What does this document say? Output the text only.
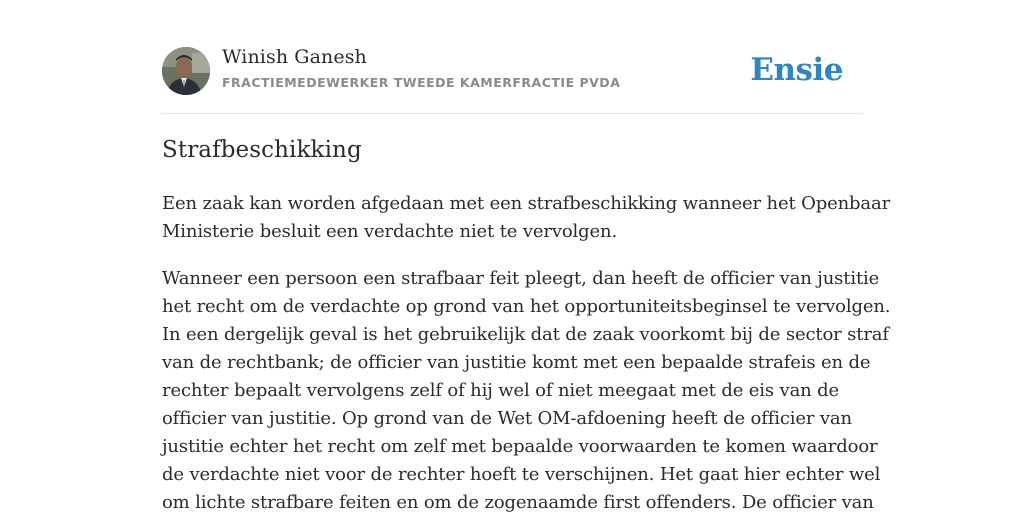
Winish Ganesh
FRACTIEMEDEWERKER TWEEDE KAMERFRACTIE PVDA	Ensie
Strafbeschikking

Een zaak kan worden afgedaan met een strafbeschikking wanneer het Openbaar
Ministerie besluit een verdachte niet te vervolgen.

Wanneer een persoon een strafbaar feit pleegt, dan heeft de officier van justitie
het recht om de verdachte op grond van het opportuniteitsbeginsel te vervolgen.
In een dergelijk geval is het gebruikelijk dat de zaak voorkomt bij de sector straf
van de rechtbank; de officier van justitie komt met een bepaalde strafeis en de
rechter bepaalt vervolgens zelf of hij wel of niet meegaat met de eis van de
officier van justitie. Op grond van de Wet OM-afdoening heeft de officier van
justitie echter het recht om zelf met bepaalde voorwaarden te komen waardoor
de verdachte niet voor de rechter hoeft te verschijnen. Het gaat hier echter wel
om lichte strafbare feiten en om de zogenaamde first offenders. De officier van
